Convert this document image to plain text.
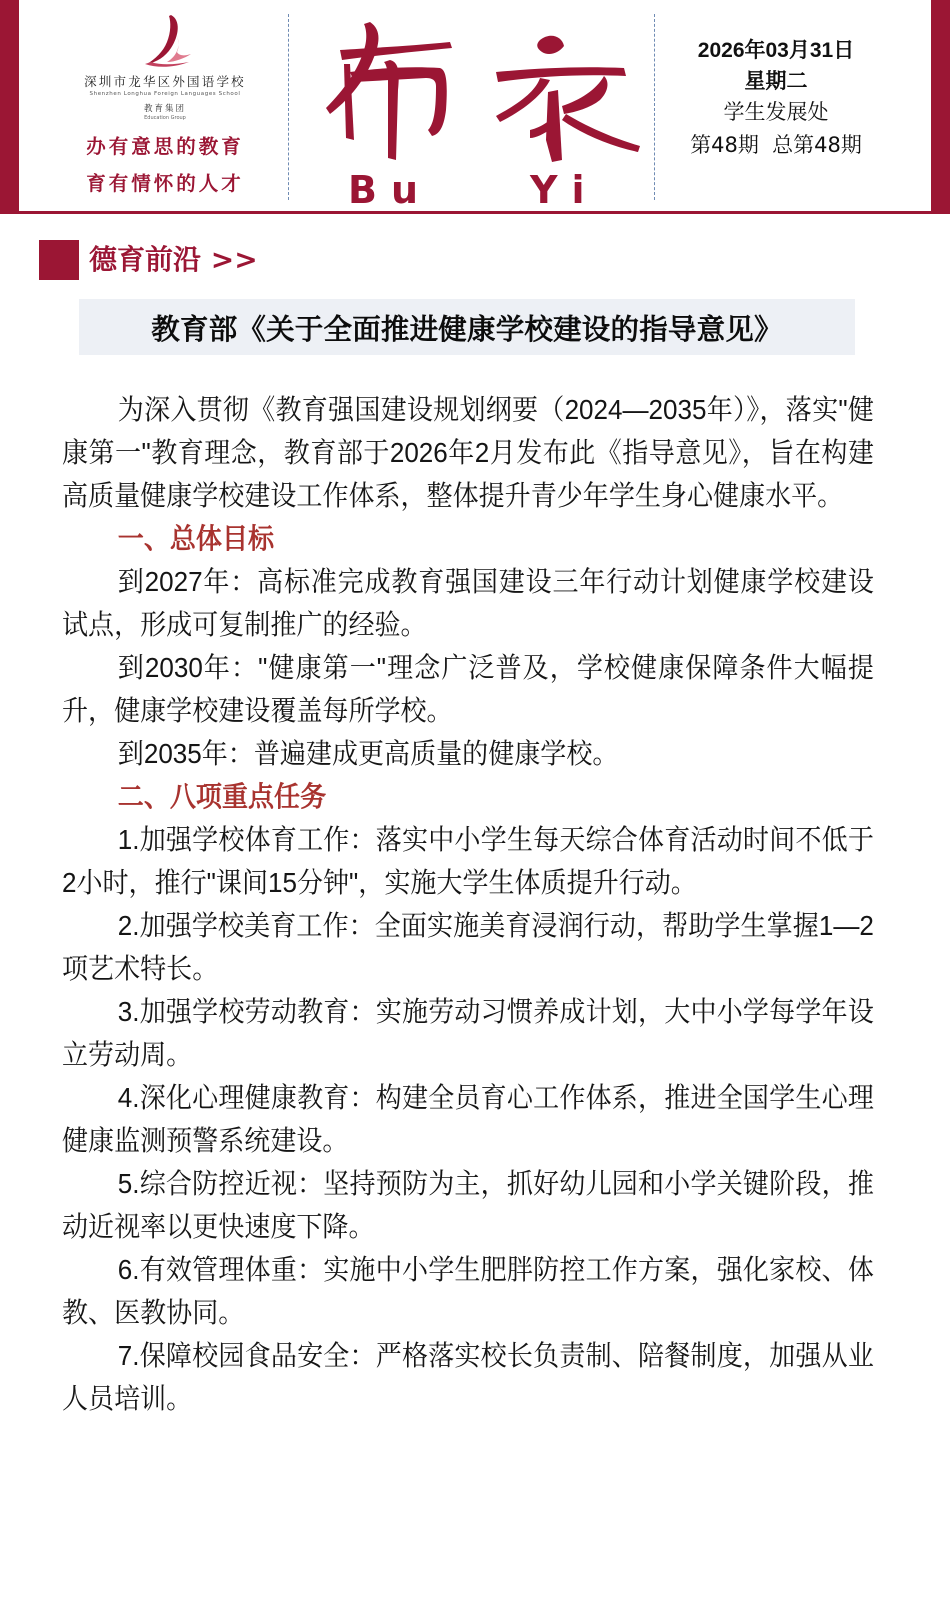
深圳市龙华区外国语学校
Shenzhen Longhua Foreign Languages School
教育集团
Education Group
办有意思的教育
育有情怀的人才	Bu	Yi
2026年03月31日
星期二
学生发展处
第48期  总第48期
德育前沿 >>
教育部《关于全面推进健康学校建设的指导意见》

为深入贯彻《教育强国建设规划纲要（2024—2035年）》，落实"健康第一"教育理念，教育部于2026年2月发布此《指导意见》，旨在构建高质量健康学校建设工作体系，整体提升青少年学生身心健康水平。

一、总体目标

到2027年：高标准完成教育强国建设三年行动计划健康学校建设试点，形成可复制推广的经验。

到2030年："健康第一"理念广泛普及，学校健康保障条件大幅提升，健康学校建设覆盖每所学校。

到2035年：普遍建成更高质量的健康学校。

二、八项重点任务

1.加强学校体育工作：落实中小学生每天综合体育活动时间不低于2小时，推行"课间15分钟"，实施大学生体质提升行动。

2.加强学校美育工作：全面实施美育浸润行动，帮助学生掌握1—2项艺术特长。

3.加强学校劳动教育：实施劳动习惯养成计划，大中小学每学年设立劳动周。

4.深化心理健康教育：构建全员育心工作体系，推进全国学生心理健康监测预警系统建设。

5.综合防控近视：坚持预防为主，抓好幼儿园和小学关键阶段，推动近视率以更快速度下降。

6.有效管理体重：实施中小学生肥胖防控工作方案，强化家校、体教、医教协同。

7.保障校园食品安全：严格落实校长负责制、陪餐制度，加强从业人员培训。
